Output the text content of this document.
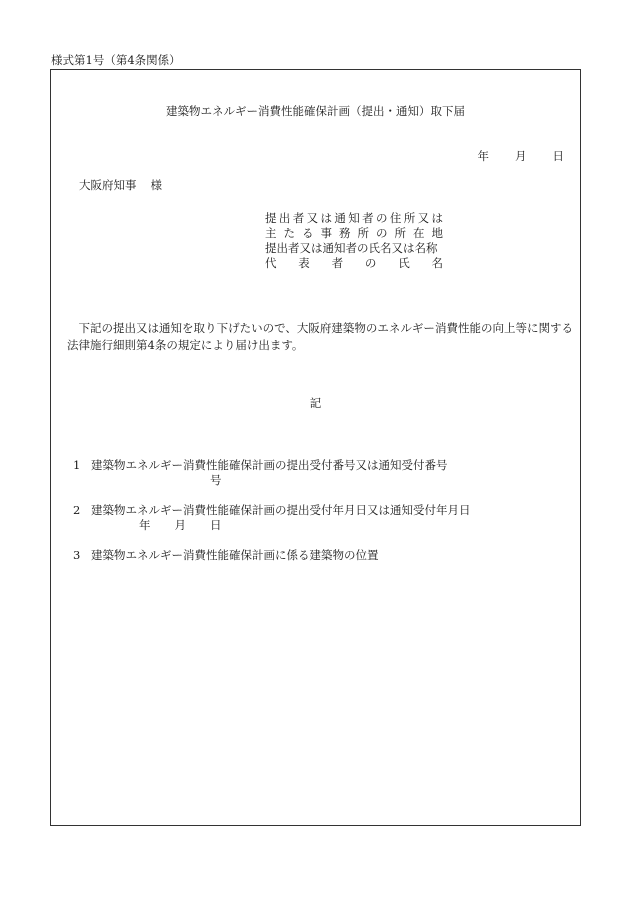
様式第1号（第4条関係）
建築物エネルギー消費性能確保計画（提出・通知）取下届
年 月 日
大阪府知事 様
提 出 者 又 は 通 知 者 の 住 所 又 は
主 た る 事 務 所 の 所 在 地
提出者又は通知者の氏名又は名称
代 表 者 の 氏 名
下記の提出又は通知を取り下げたいので、大阪府建築物のエネルギー消費性能の向上等に関する法律施行細則第4条の規定により届け出ます。
記
1 建築物エネルギー消費性能確保計画の提出受付番号又は通知受付番号
号
2 建築物エネルギー消費性能確保計画の提出受付年月日又は通知受付年月日
年 月 日
3 建築物エネルギー消費性能確保計画に係る建築物の位置
